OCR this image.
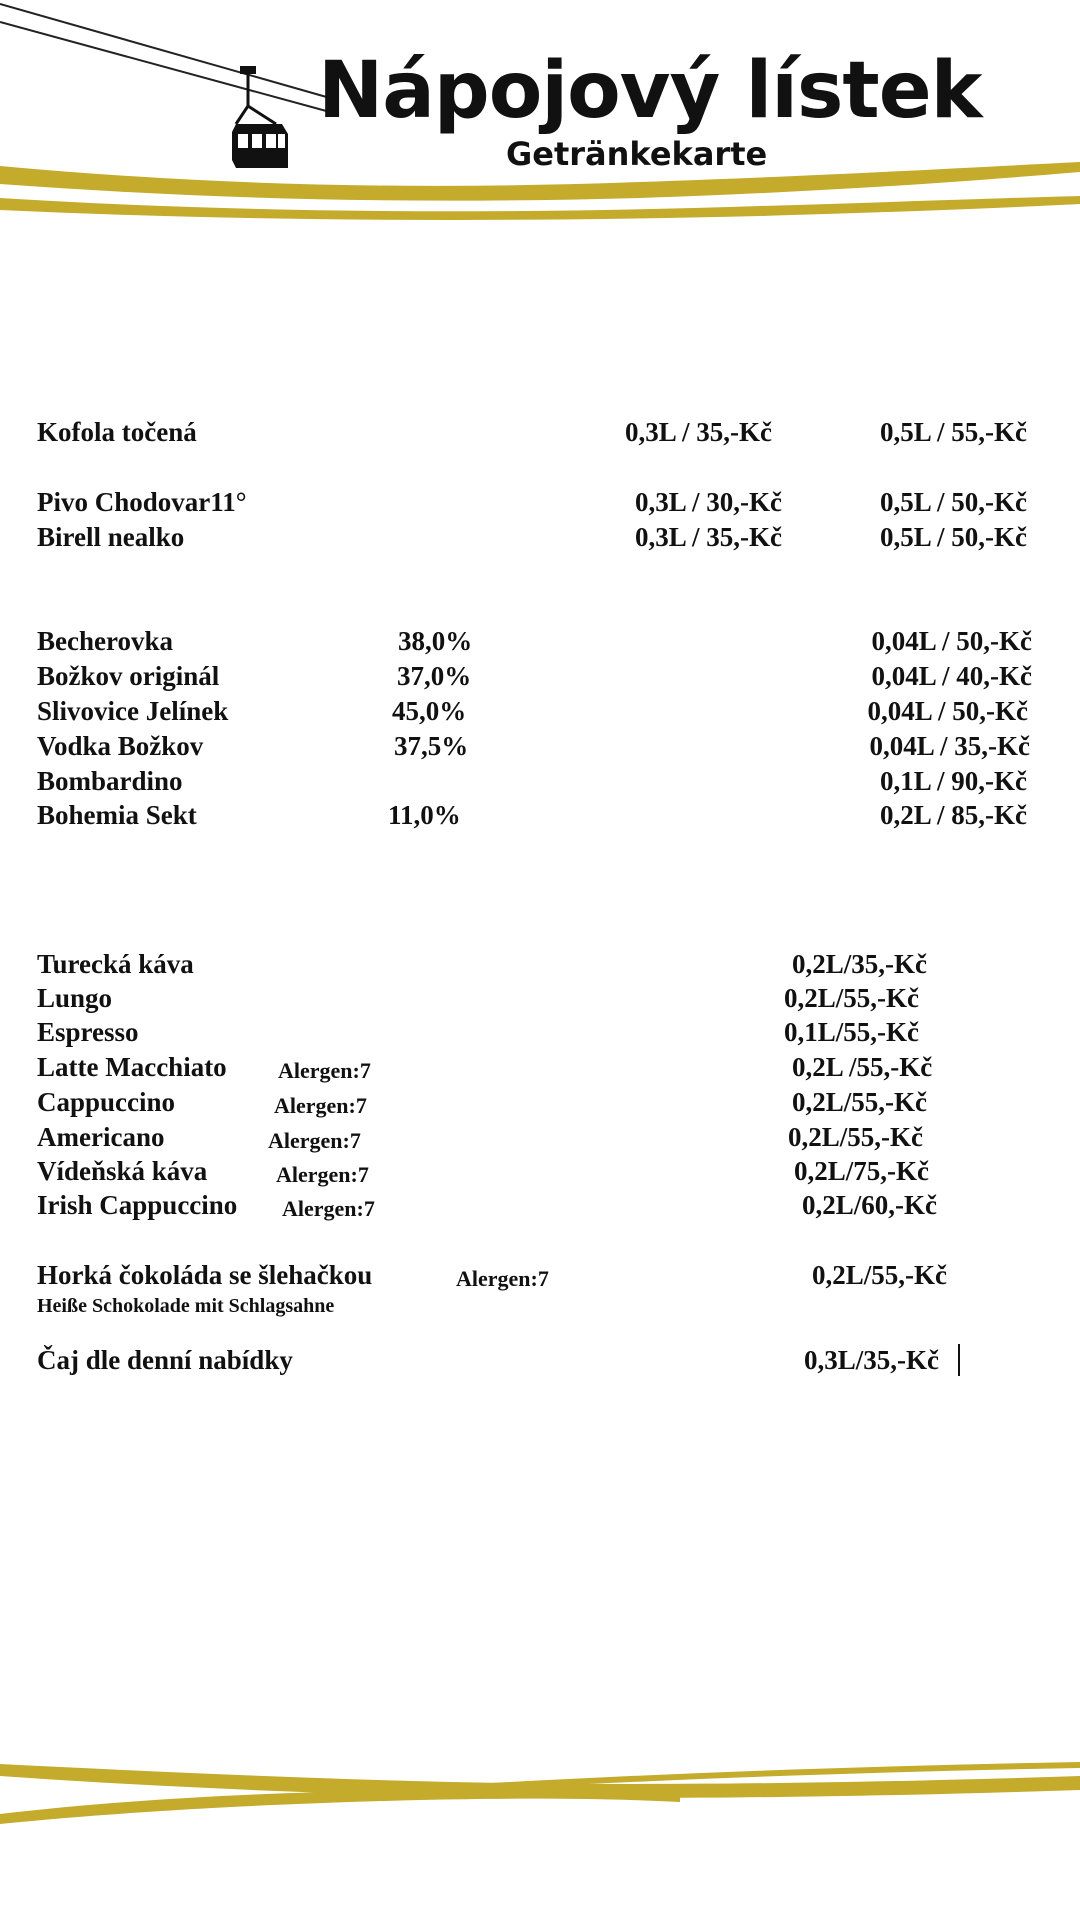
Nápojový lístek
Getränkekarte
Kofola točená	0,3L / 35,-Kč	0,5L / 55,-Kč
Pivo Chodovar11°	0,3L / 30,-Kč	0,5L / 50,-Kč
Birell nealko	0,3L / 35,-Kč	0,5L / 50,-Kč
Becherovka	38,0%	0,04L / 50,-Kč
Božkov originál	37,0%	0,04L / 40,-Kč
Slivovice Jelínek	45,0%	0,04L / 50,-Kč
Vodka Božkov	37,5%	0,04L / 35,-Kč
Bombardino	0,1L / 90,-Kč
Bohemia Sekt	11,0%	0,2L / 85,-Kč
Turecká káva	0,2L/35,-Kč
Lungo	0,2L/55,-Kč
Espresso	0,1L/55,-Kč
Latte Macchiato Alergen:7	0,2L /55,-Kč
Cappuccino	Alergen:7	0,2L/55,-Kč
Americano	Alergen:7	0,2L/55,-Kč
Vídeňská káva	Alergen:7	0,2L/75,-Kč
Irish Cappuccino Alergen:7	0,2L/60,-Kč
Horká čokoláda se šlehačkou	Alergen:7	0,2L/55,-Kč
Heiße Schokolade mit Schlagsahne
Čaj dle denní nabídky	0,3L/35,-Kč
